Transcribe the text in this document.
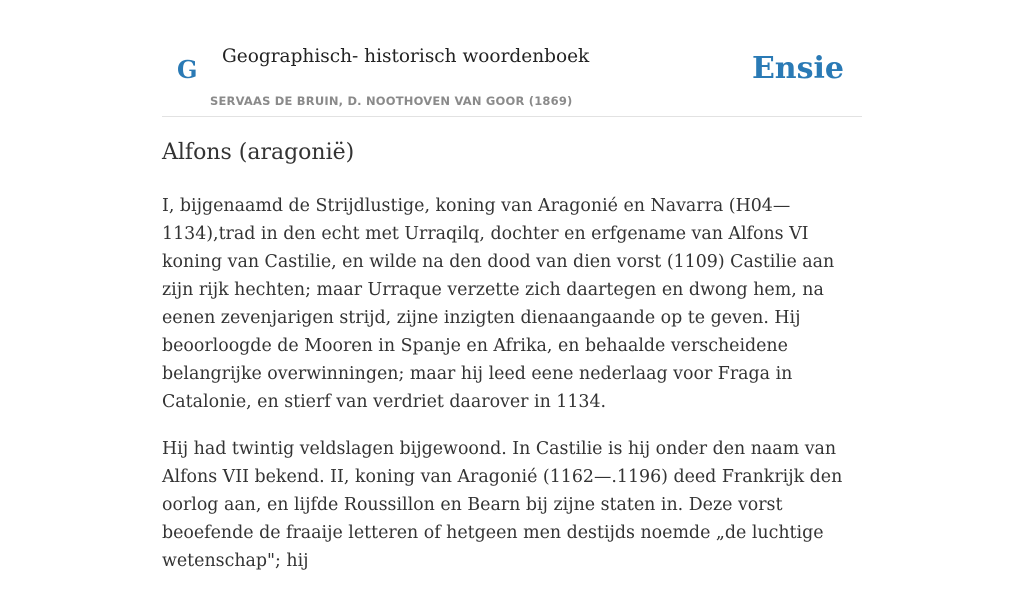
G Geographisch- historisch woordenboek
SERVAAS DE BRUIN, D. NOOTHOVEN VAN GOOR (1869)
Ensie
Alfons (aragonië)

I, bijgenaamd de Strijdlustige, koning van Aragonié en Navarra (H04—1134),trad in den echt met Urraqilq, dochter en erfgename van Alfons VI koning van Castilie, en wilde na den dood van dien vorst (1109) Castilie aan zijn rijk hechten; maar Urraque verzette zich daartegen en dwong hem, na eenen zevenjarigen strijd, zijne inzigten dienaangaande op te geven. Hij beoorloogde de Mooren in Spanje en Afrika, en behaalde verscheidene belangrijke overwinningen; maar hij leed eene nederlaag voor Fraga in Catalonie, en stierf van verdriet daarover in 1134.

Hij had twintig veldslagen bijgewoond. In Castilie is hij onder den naam van Alfons VII bekend. II, koning van Aragonié (1162—.1196) deed Frankrijk den oorlog aan, en lijfde Roussillon en Bearn bij zijne staten in. Deze vorst beoefende de fraaije letteren of hetgeen men destijds noemde „de luchtige wetenschap"; hij
